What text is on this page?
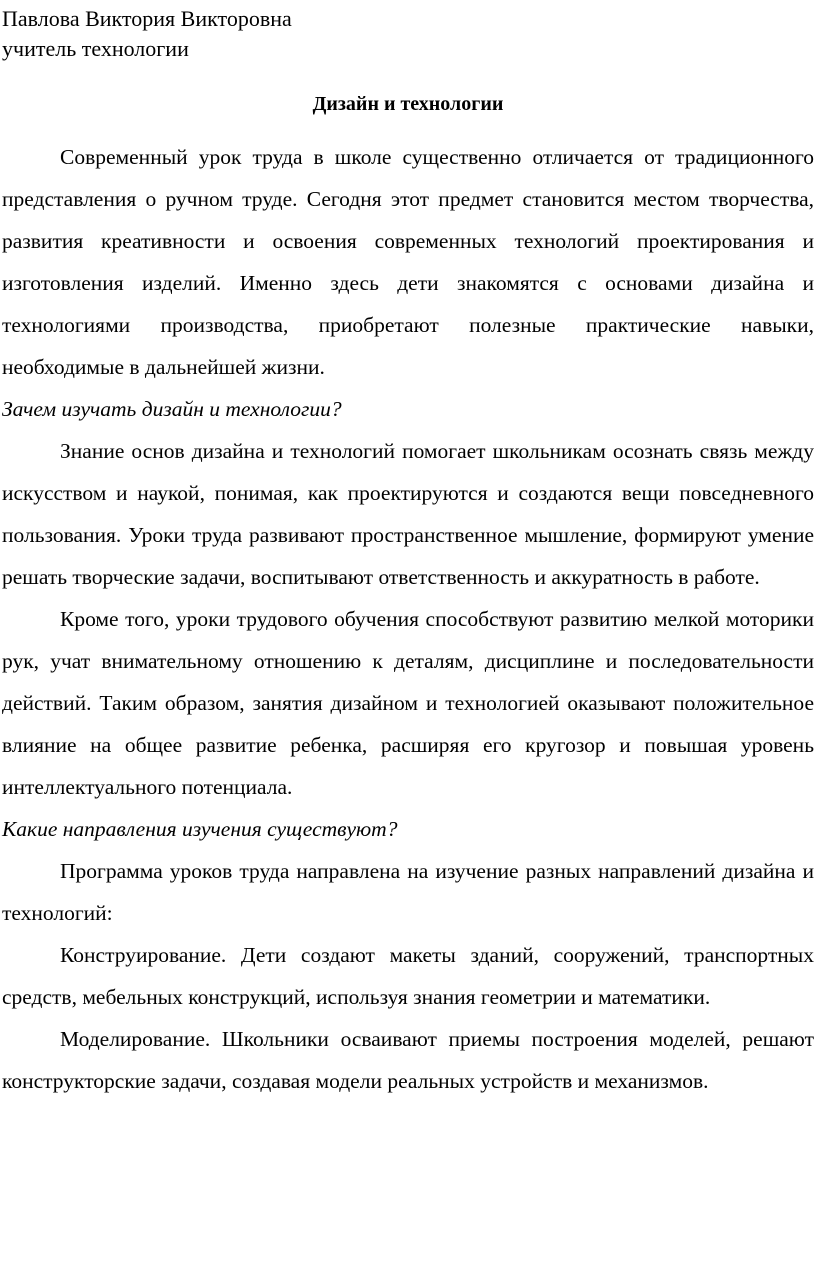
Павлова Виктория Викторовна

учитель технологии

Дизайн и технологии

Современный урок труда в школе существенно отличается от традиционного представления о ручном труде. Сегодня этот предмет становится местом творчества, развития креативности и освоения современных технологий проектирования и изготовления изделий. Именно здесь дети знакомятся с основами дизайна и технологиями производства, приобретают полезные практические навыки, необходимые в дальнейшей жизни.

Зачем изучать дизайн и технологии?

Знание основ дизайна и технологий помогает школьникам осознать связь между искусством и наукой, понимая, как проектируются и создаются вещи повседневного пользования. Уроки труда развивают пространственное мышление, формируют умение решать творческие задачи, воспитывают ответственность и аккуратность в работе.

Кроме того, уроки трудового обучения способствуют развитию мелкой моторики рук, учат внимательному отношению к деталям, дисциплине и последовательности действий. Таким образом, занятия дизайном и технологией оказывают положительное влияние на общее развитие ребенка, расширяя его кругозор и повышая уровень интеллектуального потенциала.

Какие направления изучения существуют?

Программа уроков труда направлена на изучение разных направлений дизайна и технологий:

Конструирование. Дети создают макеты зданий, сооружений, транспортных средств, мебельных конструкций, используя знания геометрии и математики.

Моделирование. Школьники осваивают приемы построения моделей, решают конструкторские задачи, создавая модели реальных устройств и механизмов.
